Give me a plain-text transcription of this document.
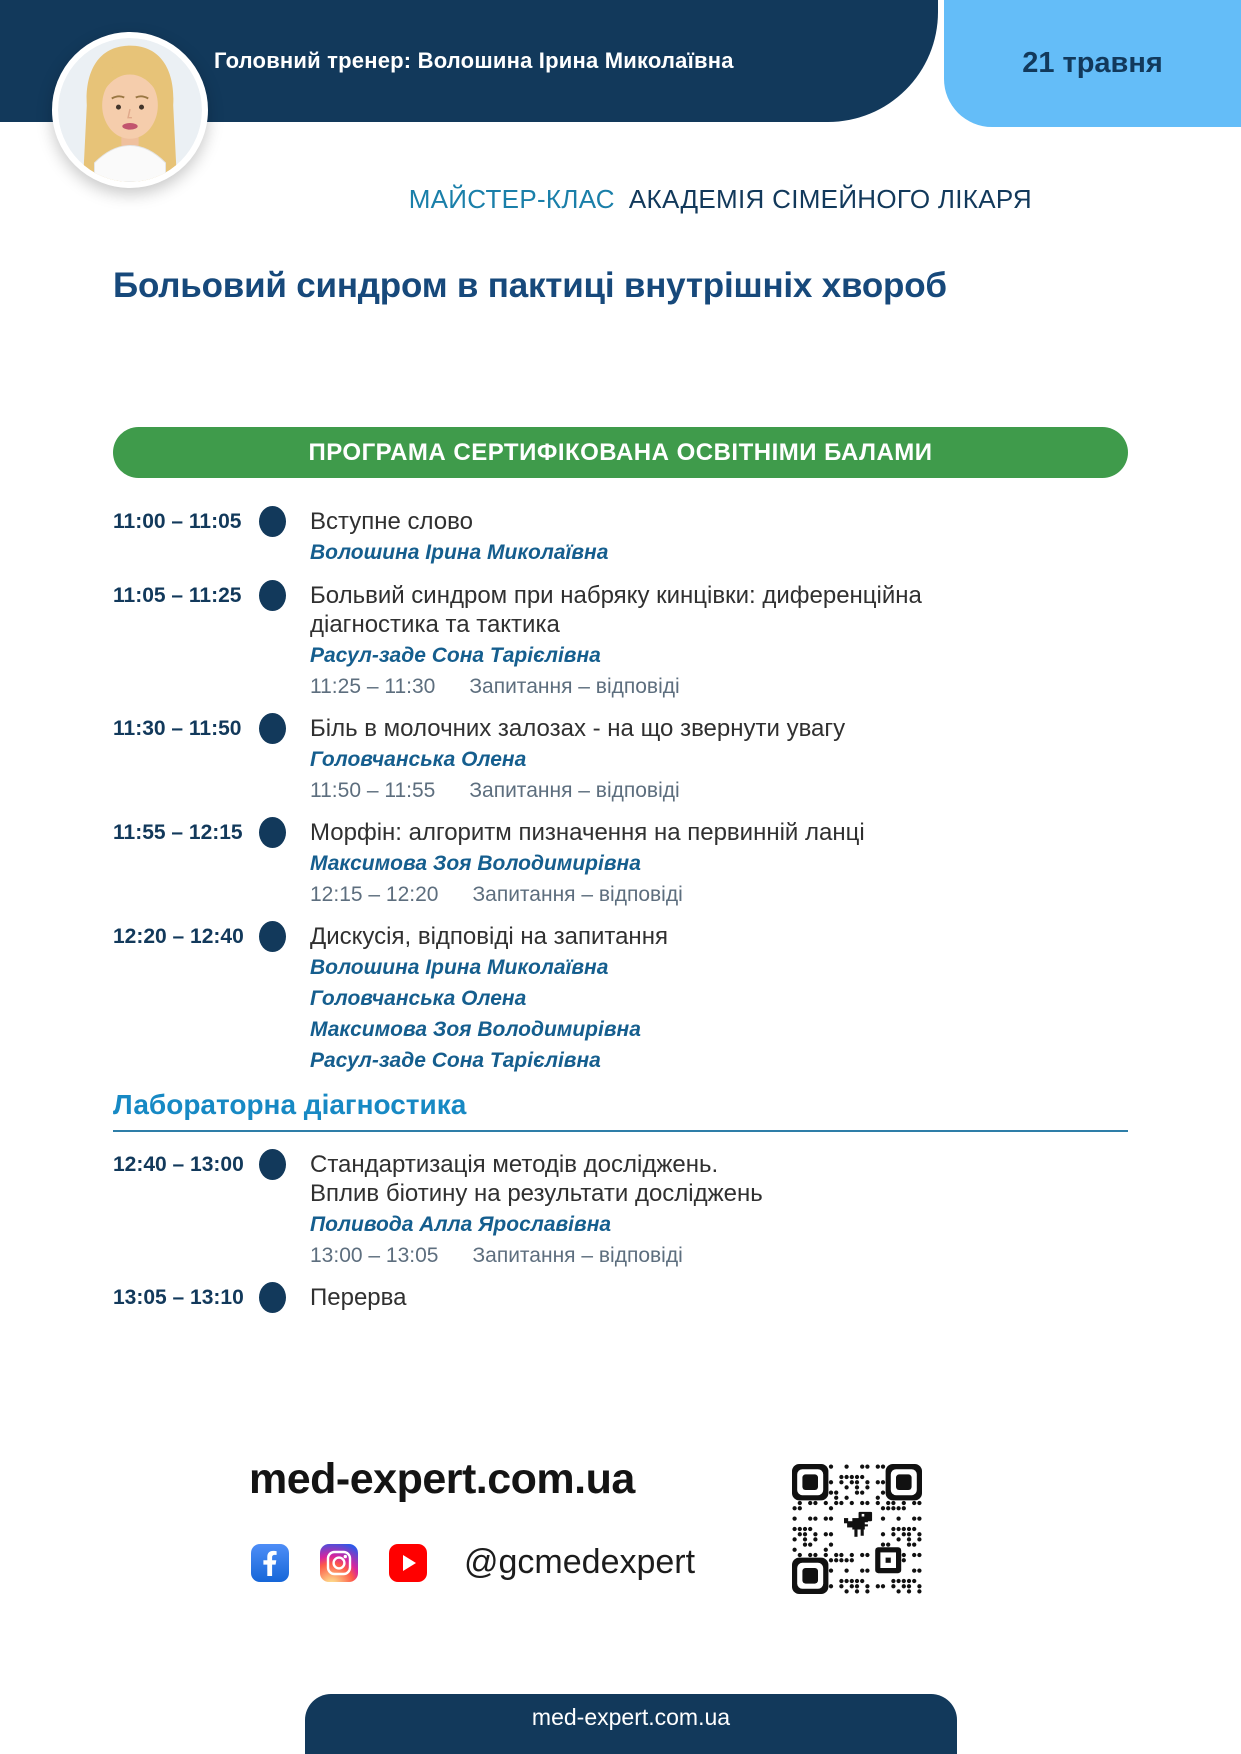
Головний тренер: Волошина Ірина Миколаївна	21 травня
МАЙСТЕР-КЛАС АКАДЕМІЯ СІМЕЙНОГО ЛІКАРЯ
Больовий синдром в пактиці внутрішніх хвороб
ПРОГРАМА СЕРТИФІКОВАНА ОСВІТНІМИ БАЛАМИ
11:00 – 11:05	Вступне слово
Волошина Ірина Миколаївна
11:05 – 11:25	Больвий синдром при набряку кинцівки: диференційна
діагностика та тактика
Расул-заде Сона Тарієлівна
11:25 – 11:30 Запитання – відповіді
11:30 – 11:50	Біль в молочних залозах - на що звернути увагу
Головчанська Олена
11:50 – 11:55 Запитання – відповіді
11:55 – 12:15	Морфін: алгоритм пизначення на первинній ланці
Максимова Зоя Володимирівна
12:15 – 12:20 Запитання – відповіді
12:20 – 12:40	Дискусія, відповіді на запитання
Волошина Ірина Миколаївна
Головчанська Олена
Максимова Зоя Володимирівна
Расул-заде Сона Тарієлівна
Лабораторна діагностика
12:40 – 13:00	Стандартизація методів досліджень.
Вплив біотину на результати досліджень
Поливода Алла Ярославівна
13:00 – 13:05 Запитання – відповіді
13:05 – 13:10	Перерва
med-expert.com.ua
@gcmedexpert
med-expert.com.ua
